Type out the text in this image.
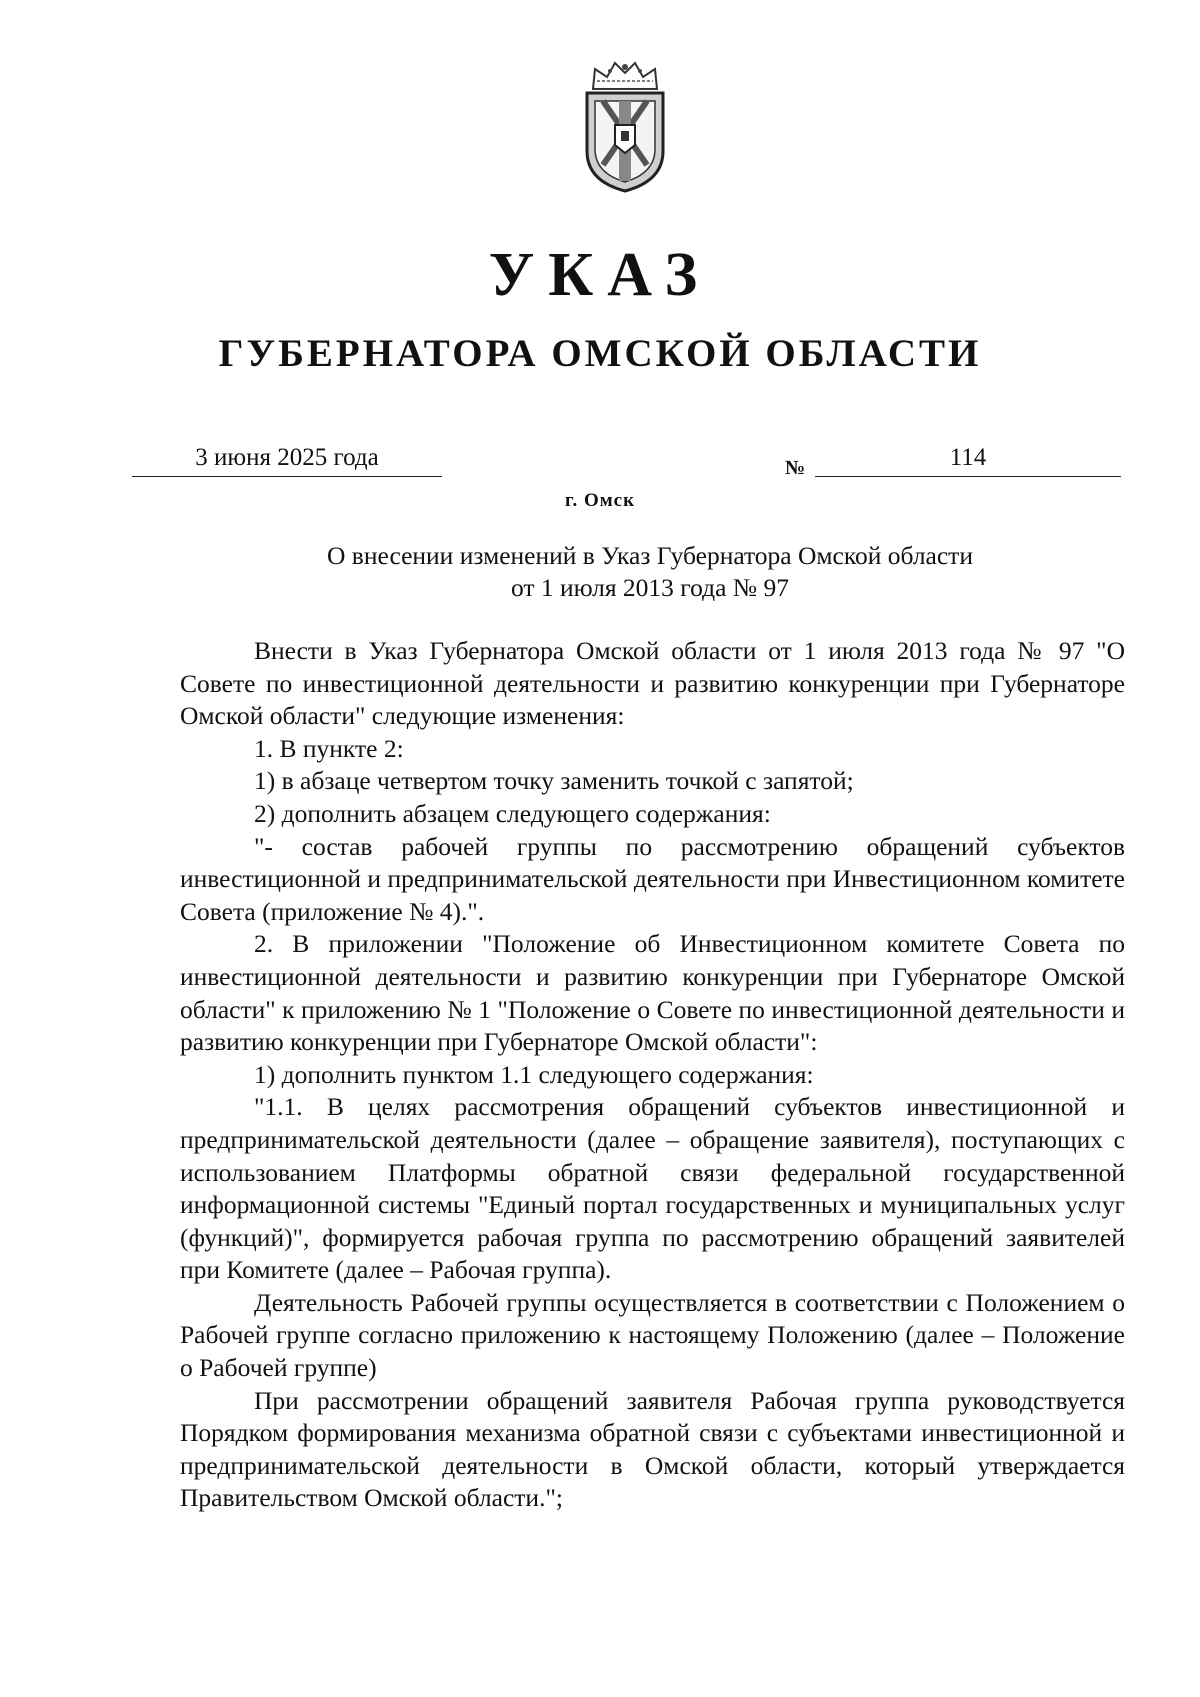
УКАЗ
ГУБЕРНАТОРА ОМСКОЙ ОБЛАСТИ
3 июня 2025 года	№	114
г. Омск
О внесении изменений в Указ Губернатора Омской области
от 1 июля 2013 года № 97

Внести в Указ Губернатора Омской области от 1 июля 2013 года № 97 "О Совете по инвестиционной деятельности и развитию конкуренции при Губернаторе Омской области" следующие изменения:

1. В пункте 2:

1) в абзаце четвертом точку заменить точкой с запятой;

2) дополнить абзацем следующего содержания:

"- состав рабочей группы по рассмотрению обращений субъектов инвестиционной и предпринимательской деятельности при Инвестиционном комитете Совета (приложение № 4).".

2. В приложении "Положение об Инвестиционном комитете Совета по инвестиционной деятельности и развитию конкуренции при Губернаторе Омской области" к приложению № 1 "Положение о Совете по инвестиционной деятельности и развитию конкуренции при Губернаторе Омской области":

1) дополнить пунктом 1.1 следующего содержания:

"1.1. В целях рассмотрения обращений субъектов инвестиционной и предпринимательской деятельности (далее – обращение заявителя), поступающих с использованием Платформы обратной связи федеральной государственной информационной системы "Единый портал государственных и муниципальных услуг (функций)", формируется рабочая группа по рассмотрению обращений заявителей при Комитете (далее – Рабочая группа).

Деятельность Рабочей группы осуществляется в соответствии с Положением о Рабочей группе согласно приложению к настоящему Положению (далее – Положение о Рабочей группе)

При рассмотрении обращений заявителя Рабочая группа руководствуется Порядком формирования механизма обратной связи с субъектами инвестиционной и предпринимательской деятельности в Омской области, который утверждается Правительством Омской области.";
